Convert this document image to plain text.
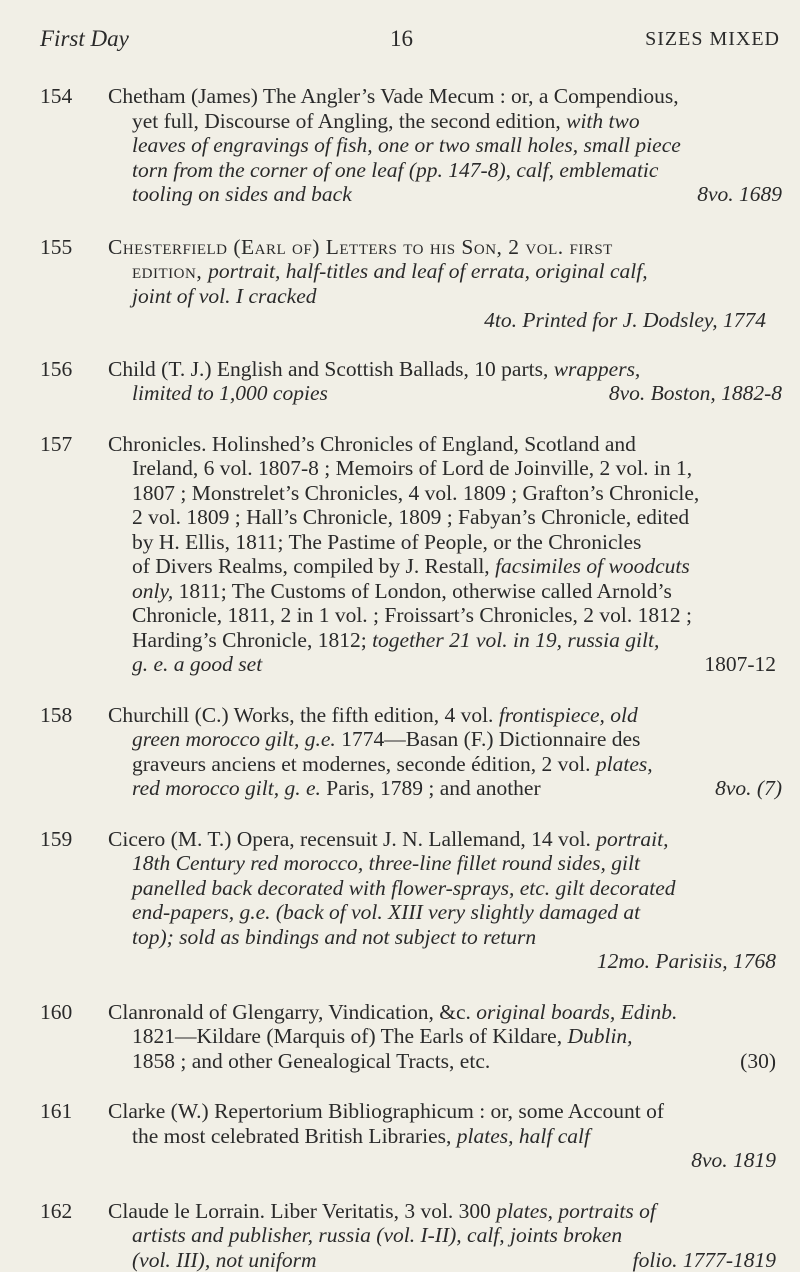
First Day	16	SIZES MIXED
154	Chetham (James) The Angler’s Vade Mecum : or, a Compendious,
yet full, Discourse of Angling, the second edition, with two
leaves of engravings of fish, one or two small holes, small piece
torn from the corner of one leaf (pp. 147-8), calf, emblematic
tooling on sides and back	8vo. 1689
155	Chesterfield (Earl of) Letters to his Son, 2 vol. first
edition, portrait, half-titles and leaf of errata, original calf,
joint of vol. I cracked
4to. Printed for J. Dodsley, 1774
156	Child (T. J.) English and Scottish Ballads, 10 parts, wrappers,
limited to 1,000 copies	8vo. Boston, 1882-8
157	Chronicles. Holinshed’s Chronicles of England, Scotland and
Ireland, 6 vol. 1807-8 ; Memoirs of Lord de Joinville, 2 vol. in 1,
1807 ; Monstrelet’s Chronicles, 4 vol. 1809 ; Grafton’s Chronicle,
2 vol. 1809 ; Hall’s Chronicle, 1809 ; Fabyan’s Chronicle, edited
by H. Ellis, 1811; The Pastime of People, or the Chronicles
of Divers Realms, compiled by J. Restall, facsimiles of woodcuts
only, 1811; The Customs of London, otherwise called Arnold’s
Chronicle, 1811, 2 in 1 vol. ; Froissart’s Chronicles, 2 vol. 1812 ;
Harding’s Chronicle, 1812; together 21 vol. in 19, russia gilt,
g. e. a good set	1807-12
158	Churchill (C.) Works, the fifth edition, 4 vol. frontispiece, old
green morocco gilt, g.e. 1774—Basan (F.) Dictionnaire des
graveurs anciens et modernes, seconde édition, 2 vol. plates,
red morocco gilt, g. e. Paris, 1789 ; and another	8vo. (7)
159	Cicero (M. T.) Opera, recensuit J. N. Lallemand, 14 vol. portrait,
18th Century red morocco, three-line fillet round sides, gilt
panelled back decorated with flower-sprays, etc. gilt decorated
end-papers, g.e. (back of vol. XIII very slightly damaged at
top); sold as bindings and not subject to return
12mo. Parisiis, 1768
160	Clanronald of Glengarry, Vindication, &c. original boards, Edinb.
1821—Kildare (Marquis of) The Earls of Kildare, Dublin,
1858 ; and other Genealogical Tracts, etc.	(30)
161	Clarke (W.) Repertorium Bibliographicum : or, some Account of
the most celebrated British Libraries, plates, half calf
8vo. 1819
162	Claude le Lorrain. Liber Veritatis, 3 vol. 300 plates, portraits of
artists and publisher, russia (vol. I-II), calf, joints broken
(vol. III), not uniform	folio. 1777-1819
